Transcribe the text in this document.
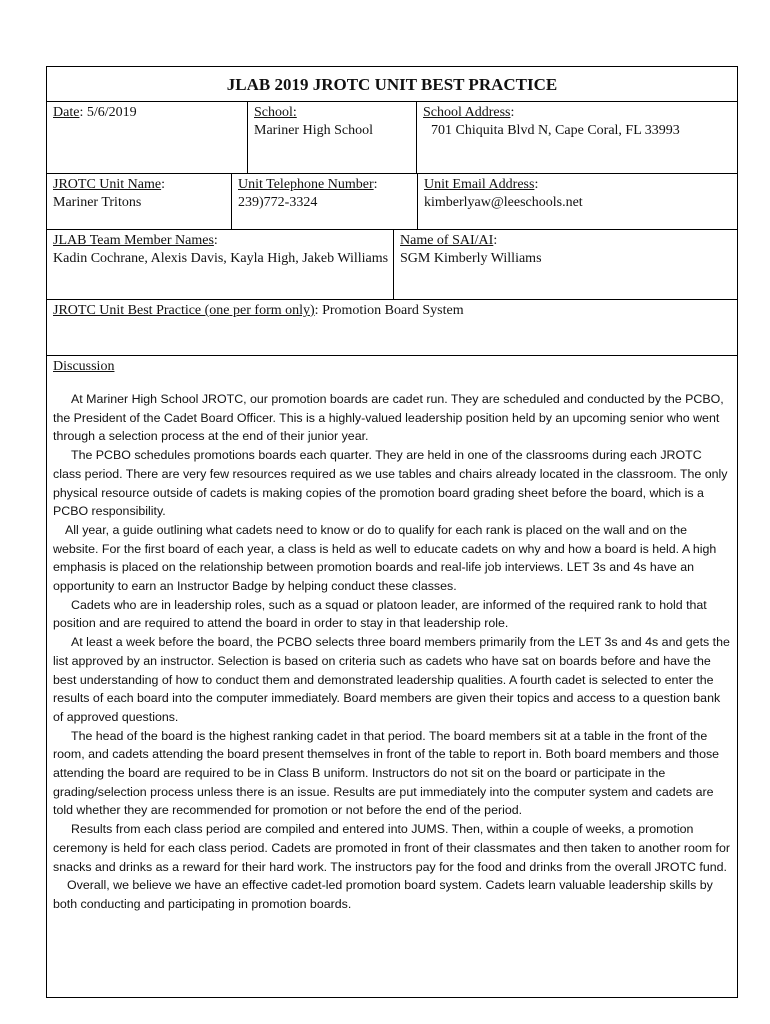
JLAB 2019 JROTC UNIT BEST PRACTICE
Date: 5/6/2019	School:
Mariner High School
School Address:
701 Chiquita Blvd N, Cape Coral, FL 33993
JROTC Unit Name:
Mariner Tritons
Unit Telephone Number:
239)772-3324
Unit Email Address:
kimberlyaw@leeschools.net
JLAB Team Member Names:
Kadin Cochrane, Alexis Davis, Kayla High, Jakeb Williams
Name of SAI/AI:
SGM Kimberly Williams
JROTC Unit Best Practice (one per form only): Promotion Board System
Discussion

At Mariner High School JROTC, our promotion boards are cadet run. They are scheduled and conducted by the PCBO, the President of the Cadet Board Officer. This is a highly-valued leadership position held by an upcoming senior who went through a selection process at the end of their junior year.

The PCBO schedules promotions boards each quarter. They are held in one of the classrooms during each JROTC class period. There are very few resources required as we use tables and chairs already located in the classroom. The only physical resource outside of cadets is making copies of the promotion board grading sheet before the board, which is a PCBO responsibility.

All year, a guide outlining what cadets need to know or do to qualify for each rank is placed on the wall and on the website. For the first board of each year, a class is held as well to educate cadets on why and how a board is held. A high emphasis is placed on the relationship between promotion boards and real-life job interviews. LET 3s and 4s have an opportunity to earn an Instructor Badge by helping conduct these classes.

Cadets who are in leadership roles, such as a squad or platoon leader, are informed of the required rank to hold that position and are required to attend the board in order to stay in that leadership role.

At least a week before the board, the PCBO selects three board members primarily from the LET 3s and 4s and gets the list approved by an instructor. Selection is based on criteria such as cadets who have sat on boards before and have the best understanding of how to conduct them and demonstrated leadership qualities. A fourth cadet is selected to enter the results of each board into the computer immediately. Board members are given their topics and access to a question bank of approved questions.

The head of the board is the highest ranking cadet in that period. The board members sit at a table in the front of the room, and cadets attending the board present themselves in front of the table to report in. Both board members and those attending the board are required to be in Class B uniform. Instructors do not sit on the board or participate in the grading/selection process unless there is an issue. Results are put immediately into the computer system and cadets are told whether they are recommended for promotion or not before the end of the period.

Results from each class period are compiled and entered into JUMS. Then, within a couple of weeks, a promotion ceremony is held for each class period. Cadets are promoted in front of their classmates and then taken to another room for snacks and drinks as a reward for their hard work. The instructors pay for the food and drinks from the overall JROTC fund.

Overall, we believe we have an effective cadet-led promotion board system. Cadets learn valuable leadership skills by both conducting and participating in promotion boards.
